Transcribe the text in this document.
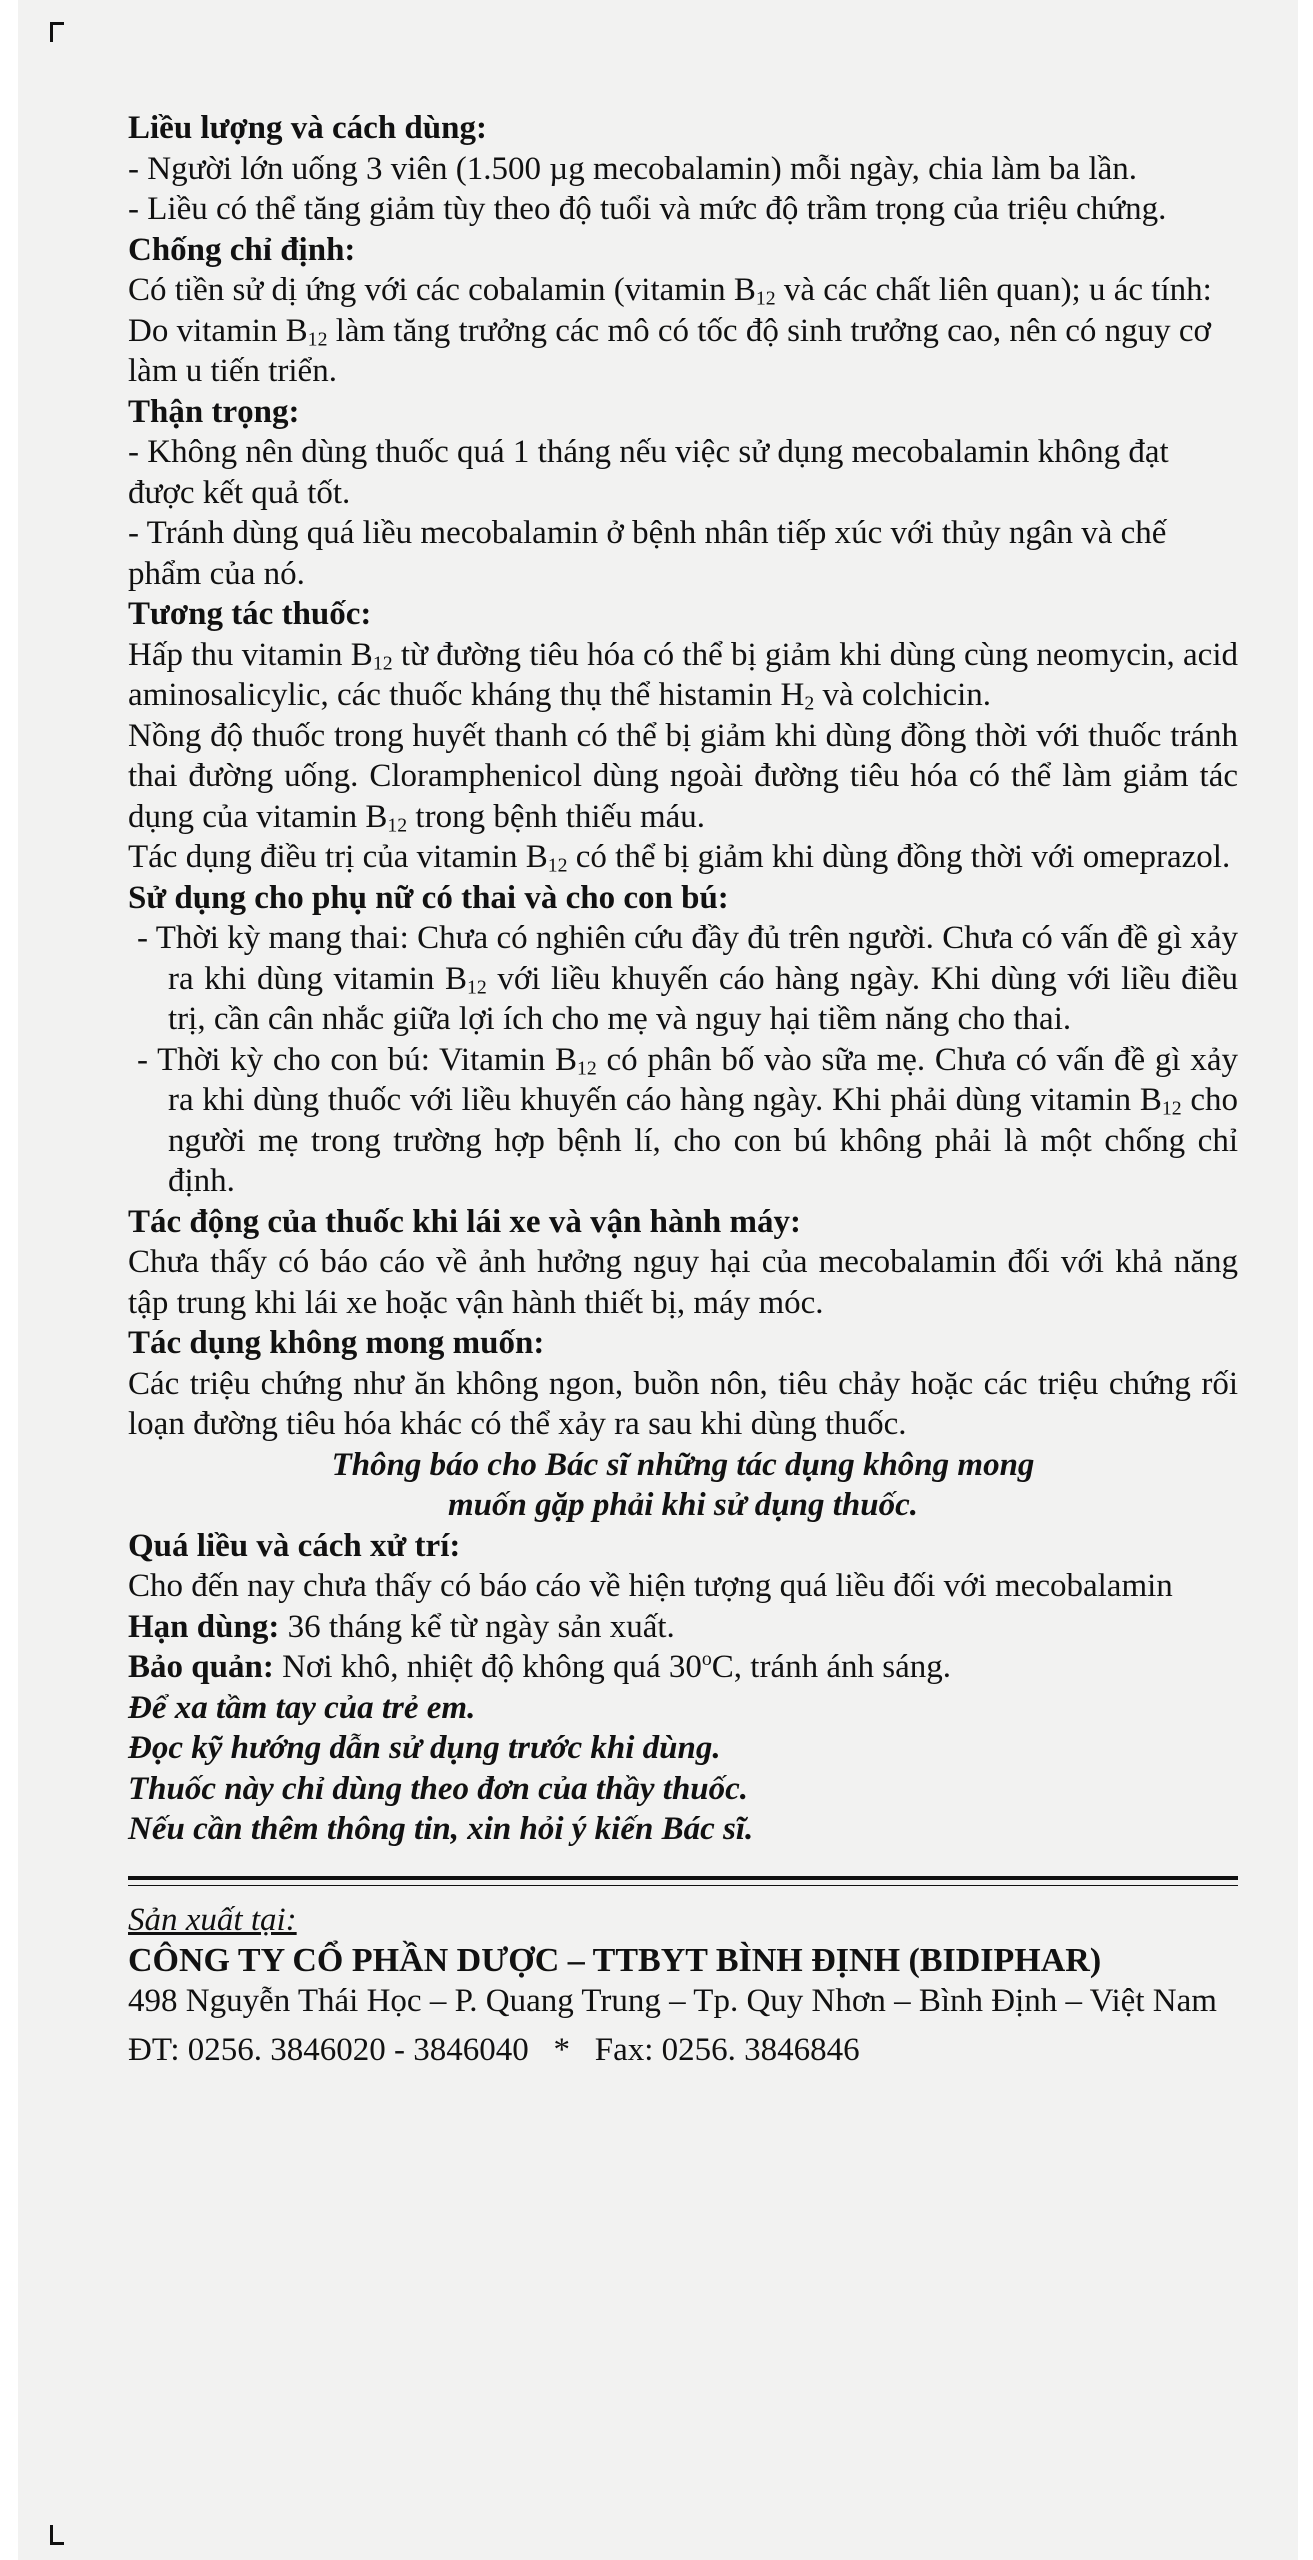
Liều lượng và cách dùng:

- Người lớn uống 3 viên (1.500 µg mecobalamin) mỗi ngày, chia làm ba lần.

- Liều có thể tăng giảm tùy theo độ tuổi và mức độ trầm trọng của triệu chứng.

Chống chỉ định:

Có tiền sử dị ứng với các cobalamin (vitamin $B_{12}$ và các chất liên quan); u ác tính: Do vitamin $B_{12}$ làm tăng trưởng các mô có tốc độ sinh trưởng cao, nên có nguy cơ làm u tiến triển.

Thận trọng:

- Không nên dùng thuốc quá 1 tháng nếu việc sử dụng mecobalamin không đạt được kết quả tốt.

- Tránh dùng quá liều mecobalamin ở bệnh nhân tiếp xúc với thủy ngân và chế phẩm của nó.

Tương tác thuốc:

Hấp thu vitamin $B_{12}$ từ đường tiêu hóa có thể bị giảm khi dùng cùng neomycin, acid aminosalicylic, các thuốc kháng thụ thể histamin $H_2$ và colchicin.

Nồng độ thuốc trong huyết thanh có thể bị giảm khi dùng đồng thời với thuốc tránh thai đường uống. Cloramphenicol dùng ngoài đường tiêu hóa có thể làm giảm tác dụng của vitamin $B_{12}$ trong bệnh thiếu máu.

Tác dụng điều trị của vitamin $B_{12}$ có thể bị giảm khi dùng đồng thời với omeprazol.

Sử dụng cho phụ nữ có thai và cho con bú:

- Thời kỳ mang thai: Chưa có nghiên cứu đầy đủ trên người. Chưa có vấn đề gì xảy ra khi dùng vitamin $B_{12}$ với liều khuyến cáo hàng ngày. Khi dùng với liều điều trị, cần cân nhắc giữa lợi ích cho mẹ và nguy hại tiềm năng cho thai.

- Thời kỳ cho con bú: Vitamin $B_{12}$ có phân bố vào sữa mẹ. Chưa có vấn đề gì xảy ra khi dùng thuốc với liều khuyến cáo hàng ngày. Khi phải dùng vitamin $B_{12}$ cho người mẹ trong trường hợp bệnh lí, cho con bú không phải là một chống chỉ định.

Tác động của thuốc khi lái xe và vận hành máy:

Chưa thấy có báo cáo về ảnh hưởng nguy hại của mecobalamin đối với khả năng tập trung khi lái xe hoặc vận hành thiết bị, máy móc.

Tác dụng không mong muốn:

Các triệu chứng như ăn không ngon, buồn nôn, tiêu chảy hoặc các triệu chứng rối loạn đường tiêu hóa khác có thể xảy ra sau khi dùng thuốc.

Thông báo cho Bác sĩ những tác dụng không mong

muốn gặp phải khi sử dụng thuốc.

Quá liều và cách xử trí:

Cho đến nay chưa thấy có báo cáo về hiện tượng quá liều đối với mecobalamin

Hạn dùng: 36 tháng kể từ ngày sản xuất.

Bảo quản: Nơi khô, nhiệt độ không quá 30$^o$C, tránh ánh sáng.

Để xa tầm tay của trẻ em.

Đọc kỹ hướng dẫn sử dụng trước khi dùng.

Thuốc này chỉ dùng theo đơn của thầy thuốc.

Nếu cần thêm thông tin, xin hỏi ý kiến Bác sĩ.

Sản xuất tại:

CÔNG TY CỔ PHẦN DƯỢC – TTBYT BÌNH ĐỊNH (BIDIPHAR)

498 Nguyễn Thái Học – P. Quang Trung – Tp. Quy Nhơn – Bình Định – Việt Nam

ĐT: 0256. 3846020 - 3846040   *   Fax: 0256. 3846846
